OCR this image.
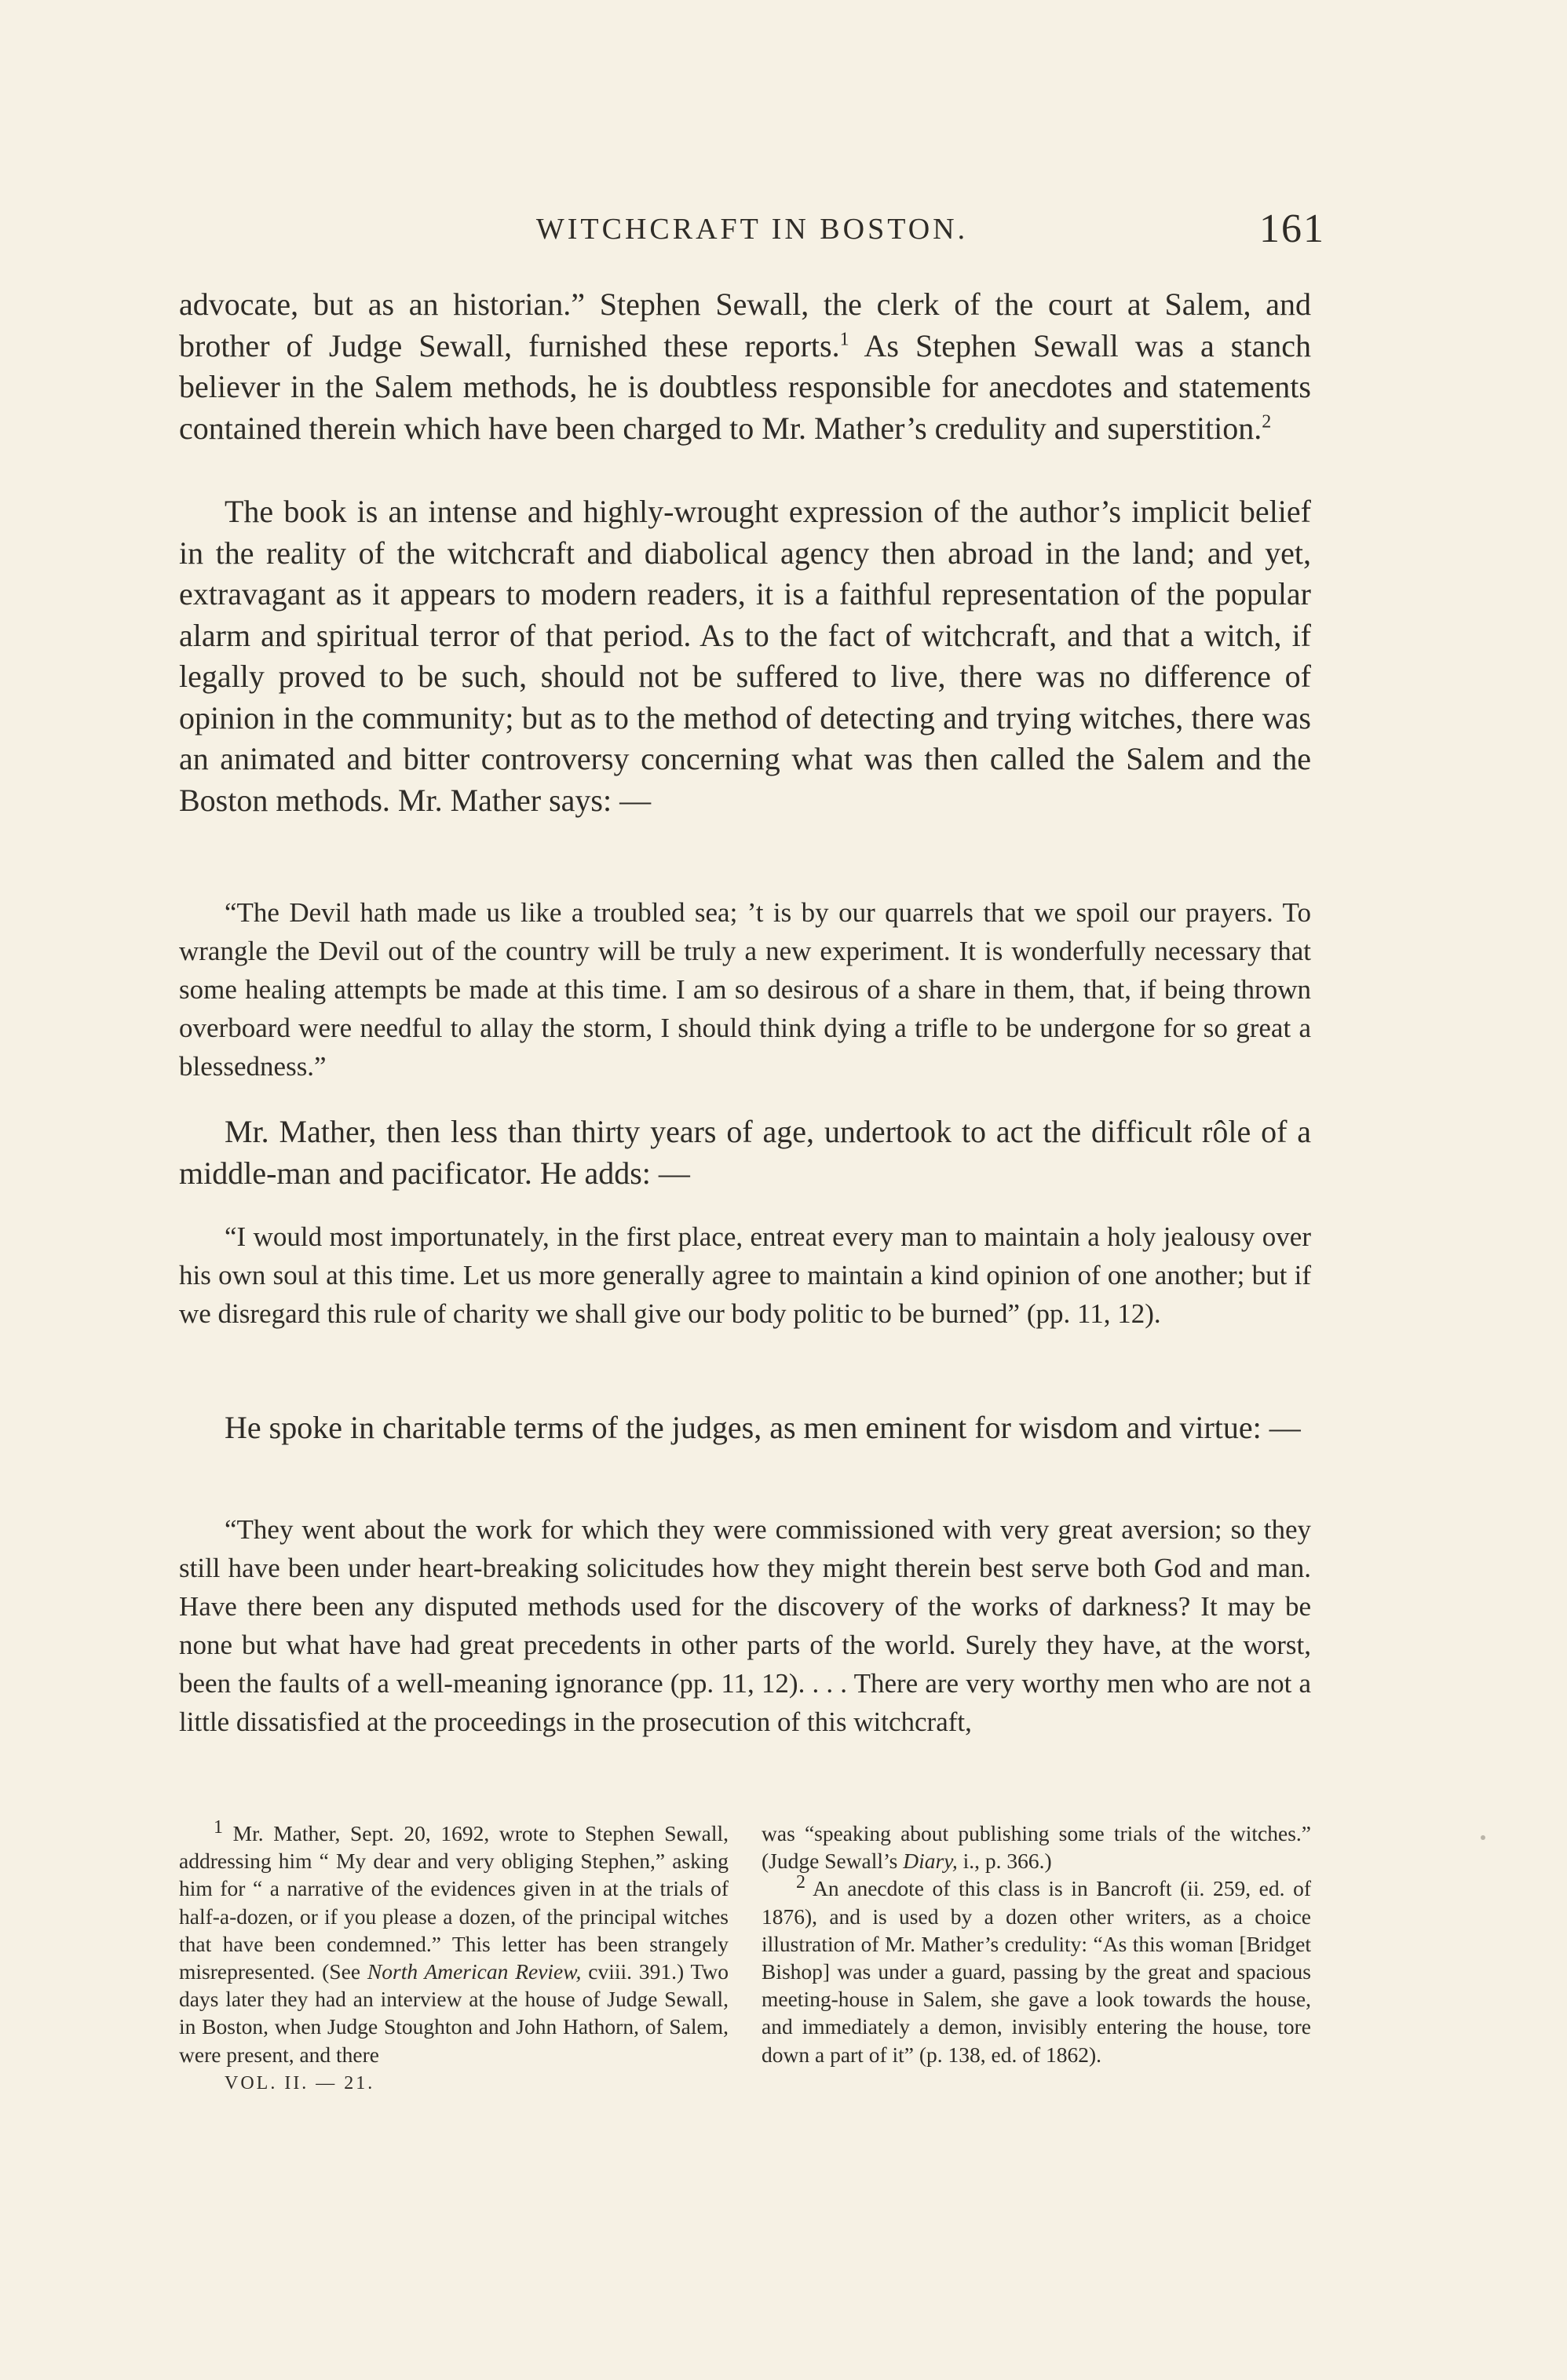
WITCHCRAFT IN BOSTON.	161

advocate, but as an historian.” Stephen Sewall, the clerk of the court at Salem, and brother of Judge Sewall, furnished these reports.$^1$ As Stephen Sewall was a stanch believer in the Salem methods, he is doubtless responsible for anecdotes and statements contained therein which have been charged to Mr. Mather’s credulity and superstition.$^2$

The book is an intense and highly-wrought expression of the author’s implicit belief in the reality of the witchcraft and diabolical agency then abroad in the land; and yet, extravagant as it appears to modern readers, it is a faithful representation of the popular alarm and spiritual terror of that period. As to the fact of witchcraft, and that a witch, if legally proved to be such, should not be suffered to live, there was no difference of opinion in the community; but as to the method of detecting and trying witches, there was an animated and bitter controversy concerning what was then called the Salem and the Boston methods. Mr. Mather says: —

“The Devil hath made us like a troubled sea; ’t is by our quarrels that we spoil our prayers. To wrangle the Devil out of the country will be truly a new experiment. It is wonderfully necessary that some healing attempts be made at this time. I am so desirous of a share in them, that, if being thrown overboard were needful to allay the storm, I should think dying a trifle to be undergone for so great a blessedness.”

Mr. Mather, then less than thirty years of age, undertook to act the difficult rôle of a middle-man and pacificator. He adds: —

“I would most importunately, in the first place, entreat every man to maintain a holy jealousy over his own soul at this time. Let us more generally agree to maintain a kind opinion of one another; but if we disregard this rule of charity we shall give our body politic to be burned” (pp. 11, 12).

He spoke in charitable terms of the judges, as men eminent for wisdom and virtue: —

“They went about the work for which they were commissioned with very great aversion; so they still have been under heart-breaking solicitudes how they might therein best serve both God and man. Have there been any disputed methods used for the discovery of the works of darkness? It may be none but what have had great precedents in other parts of the world. Surely they have, at the worst, been the faults of a well-meaning ignorance (pp. 11, 12). . . . There are very worthy men who are not a little dissatisfied at the proceedings in the prosecution of this witchcraft,

$^1$ Mr. Mather, Sept. 20, 1692, wrote to Stephen Sewall, addressing him “ My dear and very obliging Stephen,” asking him for “ a narrative of the evidences given in at the trials of half-a-dozen, or if you please a dozen, of the principal witches that have been condemned.” This letter has been strangely misrepresented. (See North American Review, cviii. 391.) Two days later they had an interview at the house of Judge Sewall, in Boston, when Judge Stoughton and John Hathorn, of Salem, were present, and there

VOL. II. — 21.

was “speaking about publishing some trials of the witches.” (Judge Sewall’s Diary, i., p. 366.)

$^2$ An anecdote of this class is in Bancroft (ii. 259, ed. of 1876), and is used by a dozen other writers, as a choice illustration of Mr. Mather’s credulity: “As this woman [Bridget Bishop] was under a guard, passing by the great and spacious meeting-house in Salem, she gave a look towards the house, and immediately a demon, invisibly entering the house, tore down a part of it” (p. 138, ed. of 1862).
